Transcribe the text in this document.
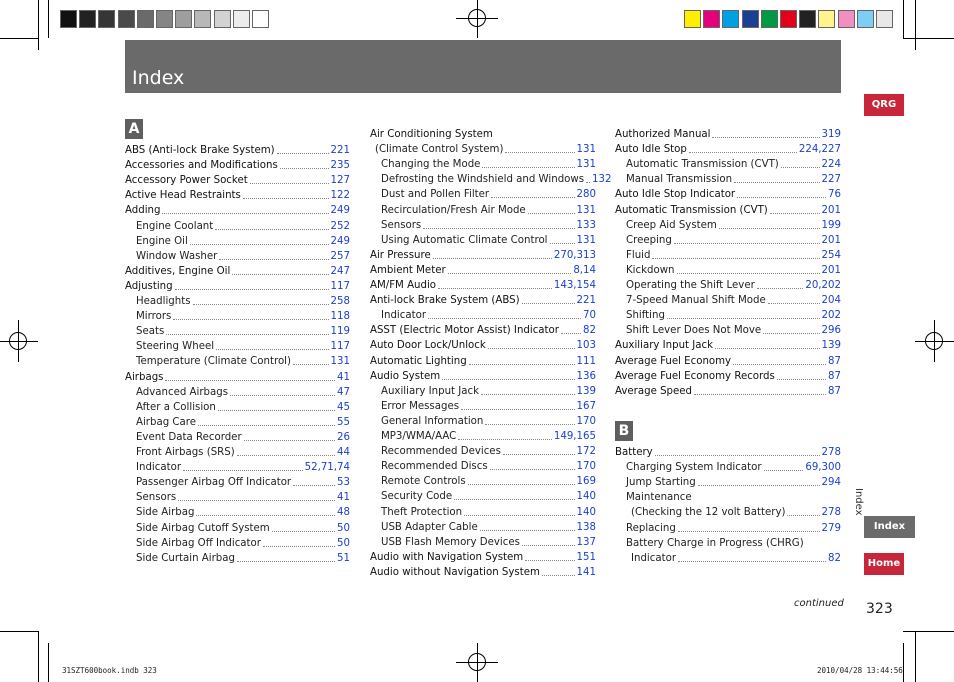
Index
A
B
ABS (Anti-lock Brake System)	221
Accessories and Modifications	235
Accessory Power Socket	127
Active Head Restraints	122
Adding	249
Engine Coolant	252
Engine Oil	249
Window Washer	257
Additives, Engine Oil	247
Adjusting	117
Headlights	258
Mirrors	118
Seats	119
Steering Wheel	117
Temperature (Climate Control)	131
Airbags	41
Advanced Airbags	47
After a Collision	45
Airbag Care	55
Event Data Recorder	26
Front Airbags (SRS)	44
Indicator	52,71,74
Passenger Airbag Off Indicator	53
Sensors	41
Side Airbag	48
Side Airbag Cutoff System	50
Side Airbag Off Indicator	50
Side Curtain Airbag	51
Air Conditioning System
(Climate Control System)	131
Changing the Mode	131
Defrosting the Windshield and Windows 132
Dust and Pollen Filter	280
Recirculation/Fresh Air Mode	131
Sensors	133
Using Automatic Climate Control	131
Air Pressure	270,313
Ambient Meter	8,14
AM/FM Audio	143,154
Anti-lock Brake System (ABS)	221
Indicator	70
ASST (Electric Motor Assist) Indicator 82
Auto Door Lock/Unlock	103
Automatic Lighting	111
Audio System	136
Auxiliary Input Jack	139
Error Messages	167
General Information	170
MP3/WMA/AAC	149,165
Recommended Devices	172
Recommended Discs	170
Remote Controls	169
Security Code	140
Theft Protection	140
USB Adapter Cable	138
USB Flash Memory Devices	137
Audio with Navigation System	151
Audio without Navigation System	141
Authorized Manual	319
Auto Idle Stop	224,227
Automatic Transmission (CVT)	224
Manual Transmission	227
Auto Idle Stop Indicator	76
Automatic Transmission (CVT)	201
Creep Aid System	199
Creeping	201
Fluid	254
Kickdown	201
Operating the Shift Lever	20,202
7-Speed Manual Shift Mode	204
Shifting	202
Shift Lever Does Not Move	296
Auxiliary Input Jack	139
Average Fuel Economy	87
Average Fuel Economy Records	87
Average Speed	87
Battery	278
Charging System Indicator	69,300
Jump Starting	294
Maintenance
(Checking the 12 volt Battery)	278
Replacing	279
Battery Charge in Progress (CHRG)
Indicator	82
QRG
Index
Index
Home
continued 323
31SZT600book.indb 323	2010/04/28 13:44:56
